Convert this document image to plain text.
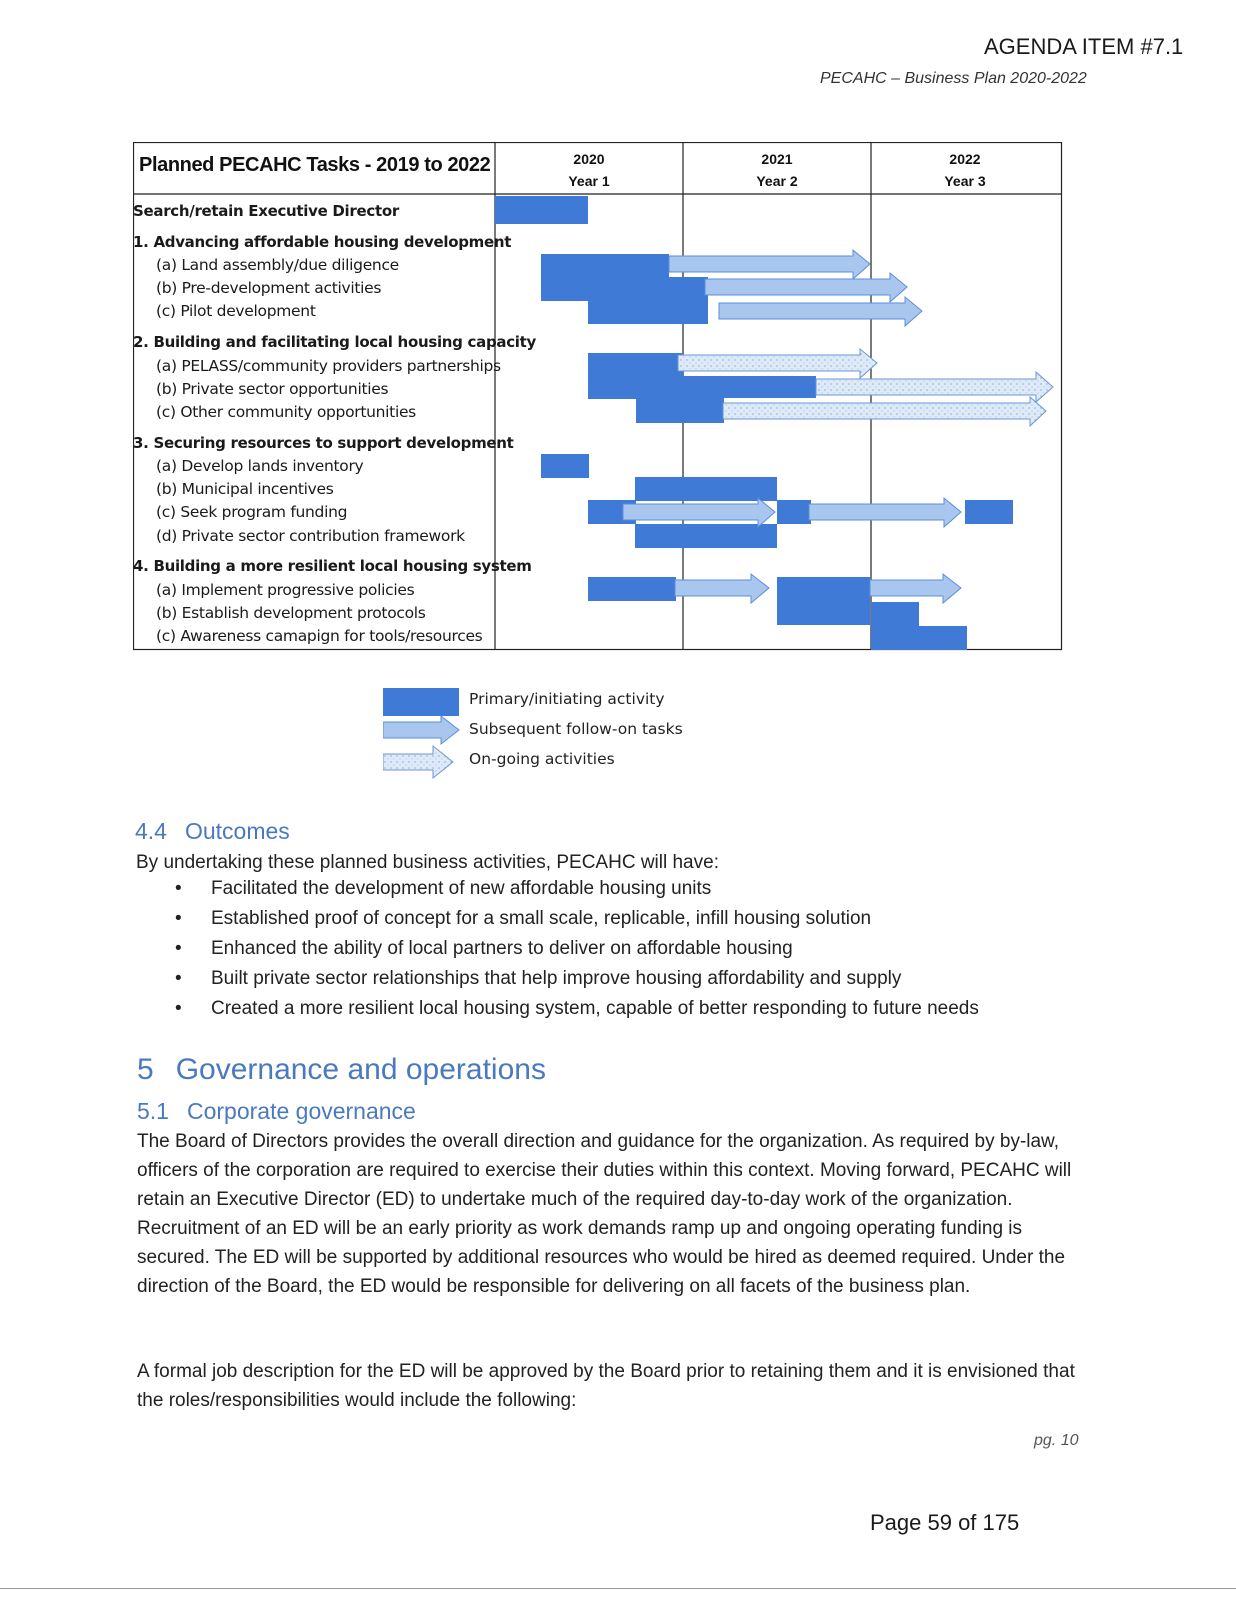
AGENDA ITEM #7.1
PECAHC – Business Plan 2020-2022
Planned PECAHC Tasks - 2019 to 2022	2020
Year 1
2021
Year 2
2022
Year 3
Search/retain Executive Director
1. Advancing affordable housing development
(a) Land assembly/due diligence
(b) Pre-development activities
(c) Pilot development
2. Building and facilitating local housing capacity
(a) PELASS/community providers partnerships
(b) Private sector opportunities
(c) Other community opportunities
3. Securing resources to support development
(a) Develop lands inventory
(b) Municipal incentives
(c) Seek program funding
(d) Private sector contribution framework
4. Building a more resilient local housing system
(a) Implement progressive policies
(b) Establish development protocols
(c) Awareness camapign for tools/resources
Primary/initiating activity
Subsequent follow-on tasks
On-going activities
4.4 Outcomes
By undertaking these planned business activities, PECAHC will have:
• Facilitated the development of new affordable housing units
• Established proof of concept for a small scale, replicable, infill housing solution
• Enhanced the ability of local partners to deliver on affordable housing
• Built private sector relationships that help improve housing affordability and supply
• Created a more resilient local housing system, capable of better responding to future needs
5 Governance and operations
5.1 Corporate governance

The Board of Directors provides the overall direction and guidance for the organization. As required by by-law, officers of the corporation are required to exercise their duties within this context. Moving forward, PECAHC will retain an Executive Director (ED) to undertake much of the required day-to-day work of the organization. Recruitment of an ED will be an early priority as work demands ramp up and ongoing operating funding is secured. The ED will be supported by additional resources who would be hired as deemed required. Under the direction of the Board, the ED would be responsible for delivering on all facets of the business plan.

A formal job description for the ED will be approved by the Board prior to retaining them and it is envisioned that the roles/responsibilities would include the following:

pg. 10
Page 59 of 175
